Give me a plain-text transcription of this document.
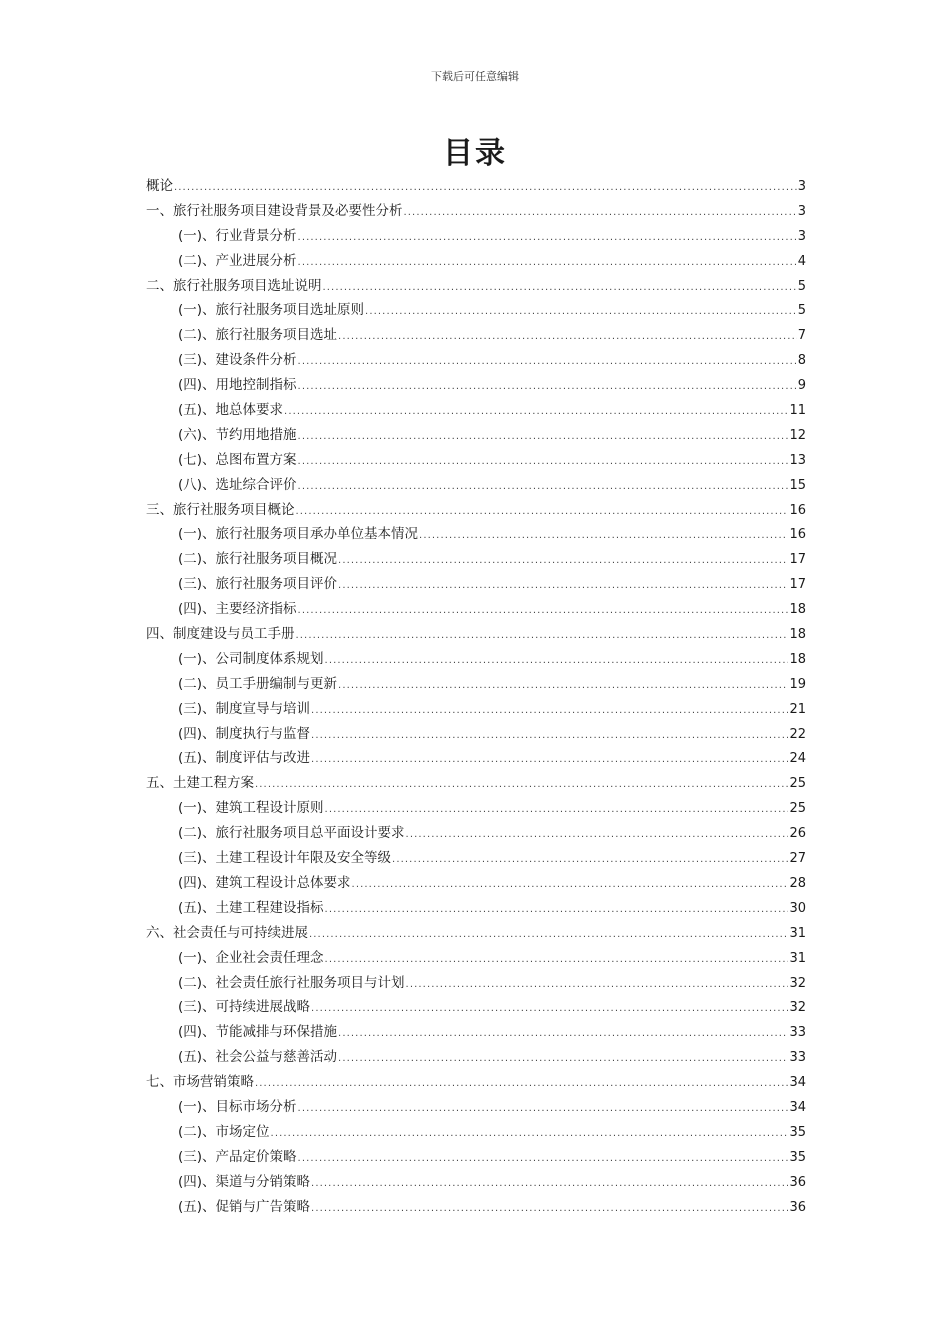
下载后可任意编辑
目录
概论 .....	3
一、旅行社服务项目建设背景及必要性分析 .....	3
(一)、行业背景分析 .....	3
(二)、产业进展分析 .....	4
二、旅行社服务项目选址说明 .....	5
(一)、旅行社服务项目选址原则 .....	5
(二)、旅行社服务项目选址 .....	7
(三)、建设条件分析 .....	8
(四)、用地控制指标 .....	9
(五)、地总体要求 .....	11
(六)、节约用地措施 .....	12
(七)、总图布置方案 .....	13
(八)、选址综合评价 .....	15
三、旅行社服务项目概论 .....	16
(一)、旅行社服务项目承办单位基本情况 .....	16
(二)、旅行社服务项目概况 .....	17
(三)、旅行社服务项目评价 .....	17
(四)、主要经济指标 .....	18
四、制度建设与员工手册 .....	18
(一)、公司制度体系规划 .....	18
(二)、员工手册编制与更新 .....	19
(三)、制度宣导与培训 .....	21
(四)、制度执行与监督 .....	22
(五)、制度评估与改进 .....	24
五、土建工程方案 .....	25
(一)、建筑工程设计原则 .....	25
(二)、旅行社服务项目总平面设计要求 .....	26
(三)、土建工程设计年限及安全等级 .....	27
(四)、建筑工程设计总体要求 .....	28
(五)、土建工程建设指标 .....	30
六、社会责任与可持续进展 .....	31
(一)、企业社会责任理念 .....	31
(二)、社会责任旅行社服务项目与计划 .....	32
(三)、可持续进展战略 .....	32
(四)、节能减排与环保措施 .....	33
(五)、社会公益与慈善活动 .....	33
七、市场营销策略 .....	34
(一)、目标市场分析 .....	34
(二)、市场定位 .....	35
(三)、产品定价策略 .....	35
(四)、渠道与分销策略 .....	36
(五)、促销与广告策略 .....	36
